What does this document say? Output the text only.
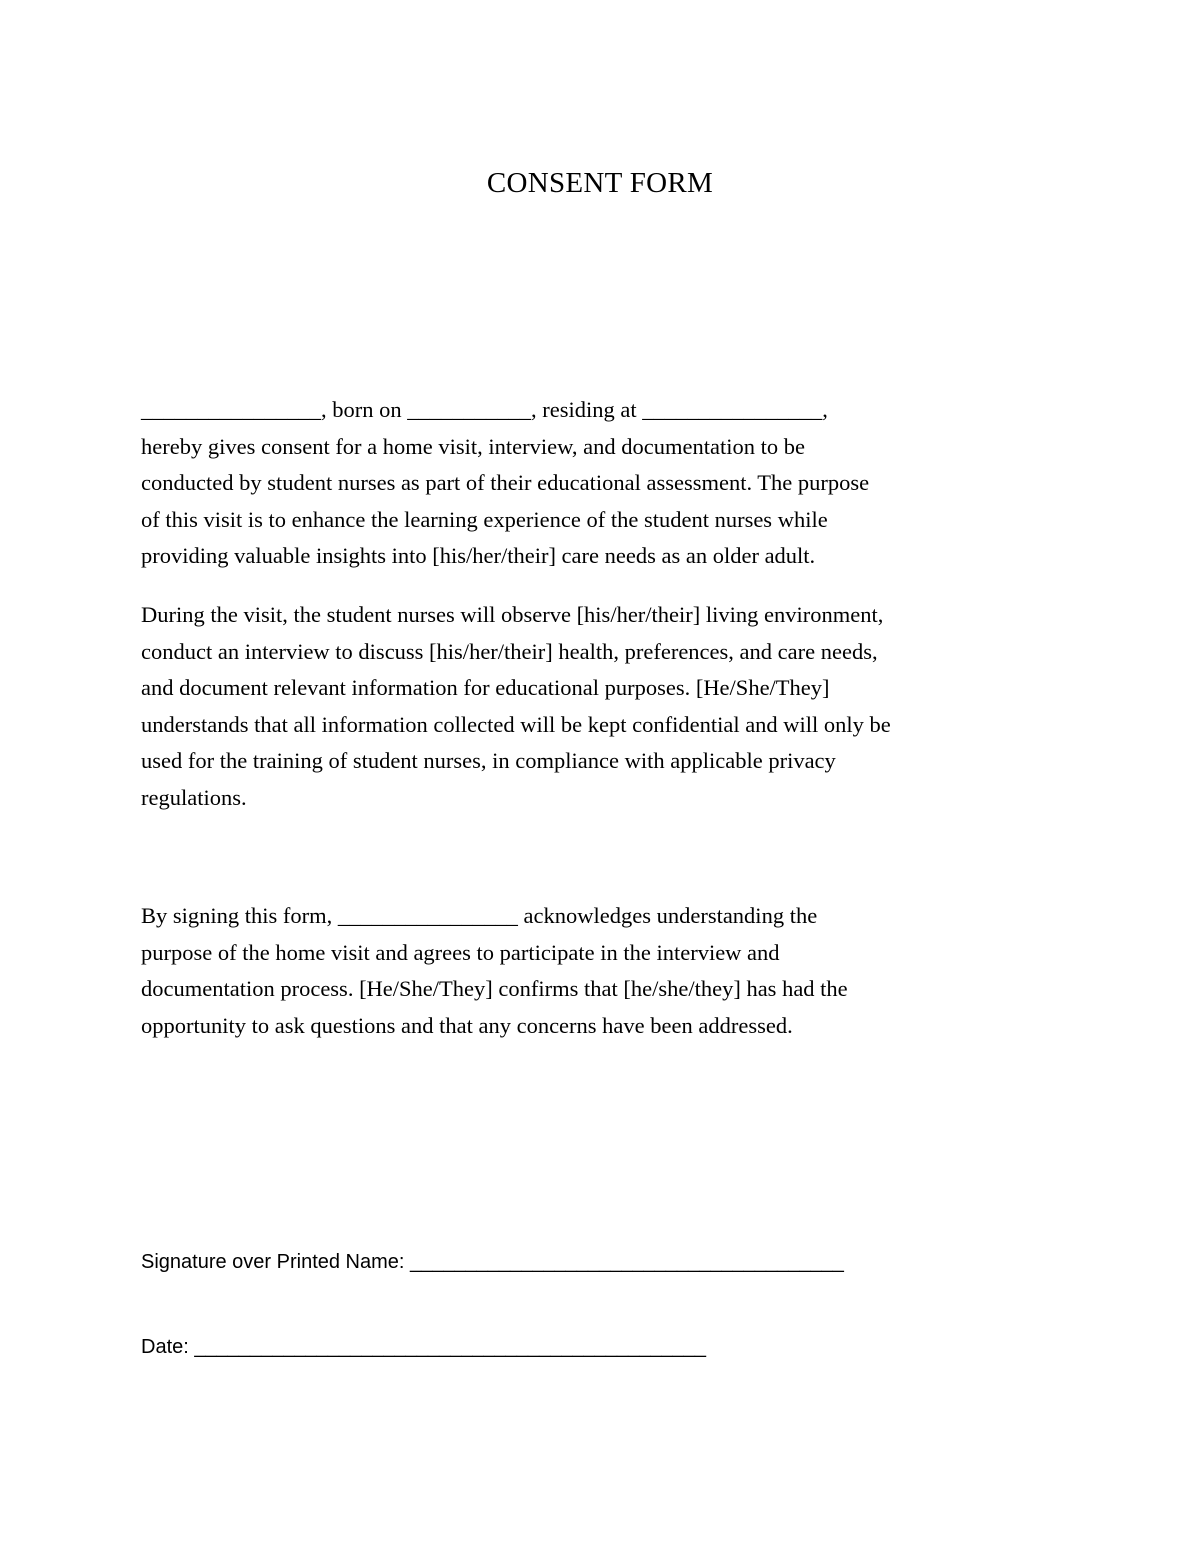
CONSENT FORM
________________, born on ___________, residing at ________________,
hereby gives consent for a home visit, interview, and documentation to be
conducted by student nurses as part of their educational assessment. The purpose
of this visit is to enhance the learning experience of the student nurses while
providing valuable insights into [his/her/their] care needs as an older adult.
During the visit, the student nurses will observe [his/her/their] living environment,
conduct an interview to discuss [his/her/their] health, preferences, and care needs,
and document relevant information for educational purposes. [He/She/They]
understands that all information collected will be kept confidential and will only be
used for the training of student nurses, in compliance with applicable privacy
regulations.
By signing this form, ________________ acknowledges understanding the
purpose of the home visit and agrees to participate in the interview and
documentation process. [He/She/They] confirms that [he/she/they] has had the
opportunity to ask questions and that any concerns have been addressed.
Signature over Printed Name: _______________________________________
Date: ______________________________________________
